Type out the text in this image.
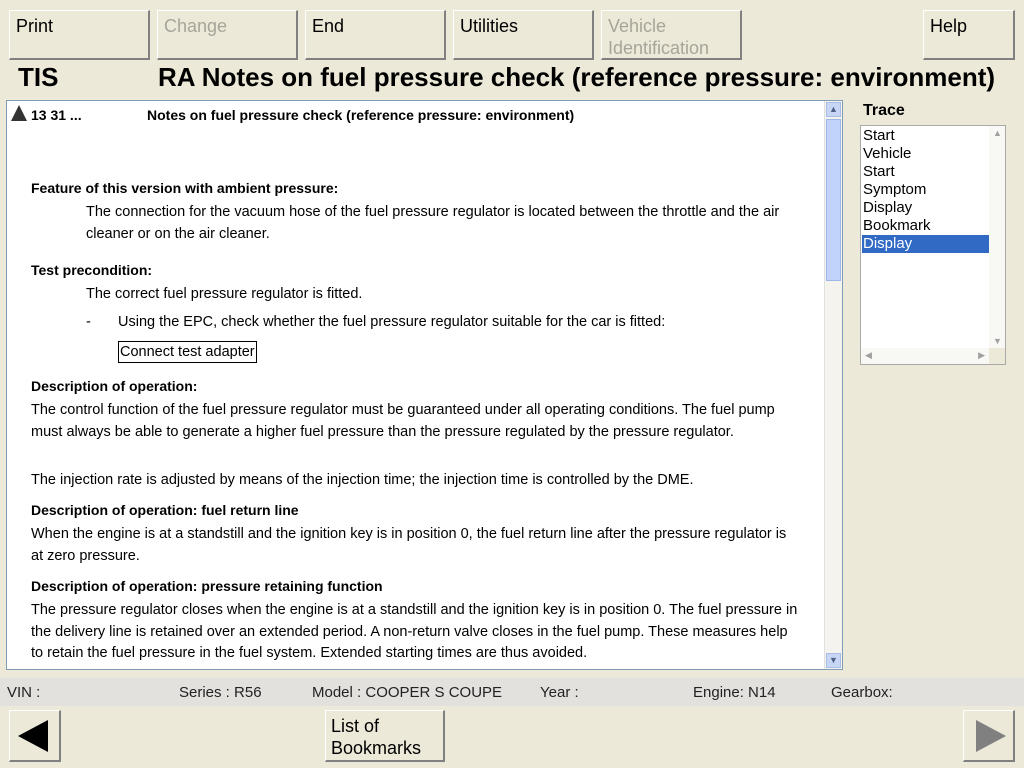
Print	Change	End	Utilities	Vehicle Identification
Help
TIS	RA Notes on fuel pressure check (reference pressure: environment)
13 31 ...	Notes on fuel pressure check (reference pressure: environment)
Feature of this version with ambient pressure:
The connection for the vacuum hose of the fuel pressure regulator is located between the throttle and the air cleaner or on the air cleaner.
Test precondition:
The correct fuel pressure regulator is fitted.
- Using the EPC, check whether the fuel pressure regulator suitable for the car is fitted:
Connect test adapter
Description of operation:
The control function of the fuel pressure regulator must be guaranteed under all operating conditions. The fuel pump must always be able to generate a higher fuel pressure than the pressure regulated by the pressure regulator.
The injection rate is adjusted by means of the injection time; the injection time is controlled by the DME.
Description of operation: fuel return line
When the engine is at a standstill and the ignition key is in position 0, the fuel return line after the pressure regulator is at zero pressure.
Description of operation: pressure retaining function
The pressure regulator closes when the engine is at a standstill and the ignition key is in position 0. The fuel pressure in the delivery line is retained over an extended period. A non-return valve closes in the fuel pump. These measures help to retain the fuel pressure in the fuel system. Extended starting times are thus avoided.
▲
▼
Trace
Start
Vehicle
Start
Symptom
Display
Bookmark
Display
▲
▼
◀	▶
VIN :	Series : R56	Model : COOPER S COUPE	Year :	Engine: N14	Gearbox:
List of Bookmarks
